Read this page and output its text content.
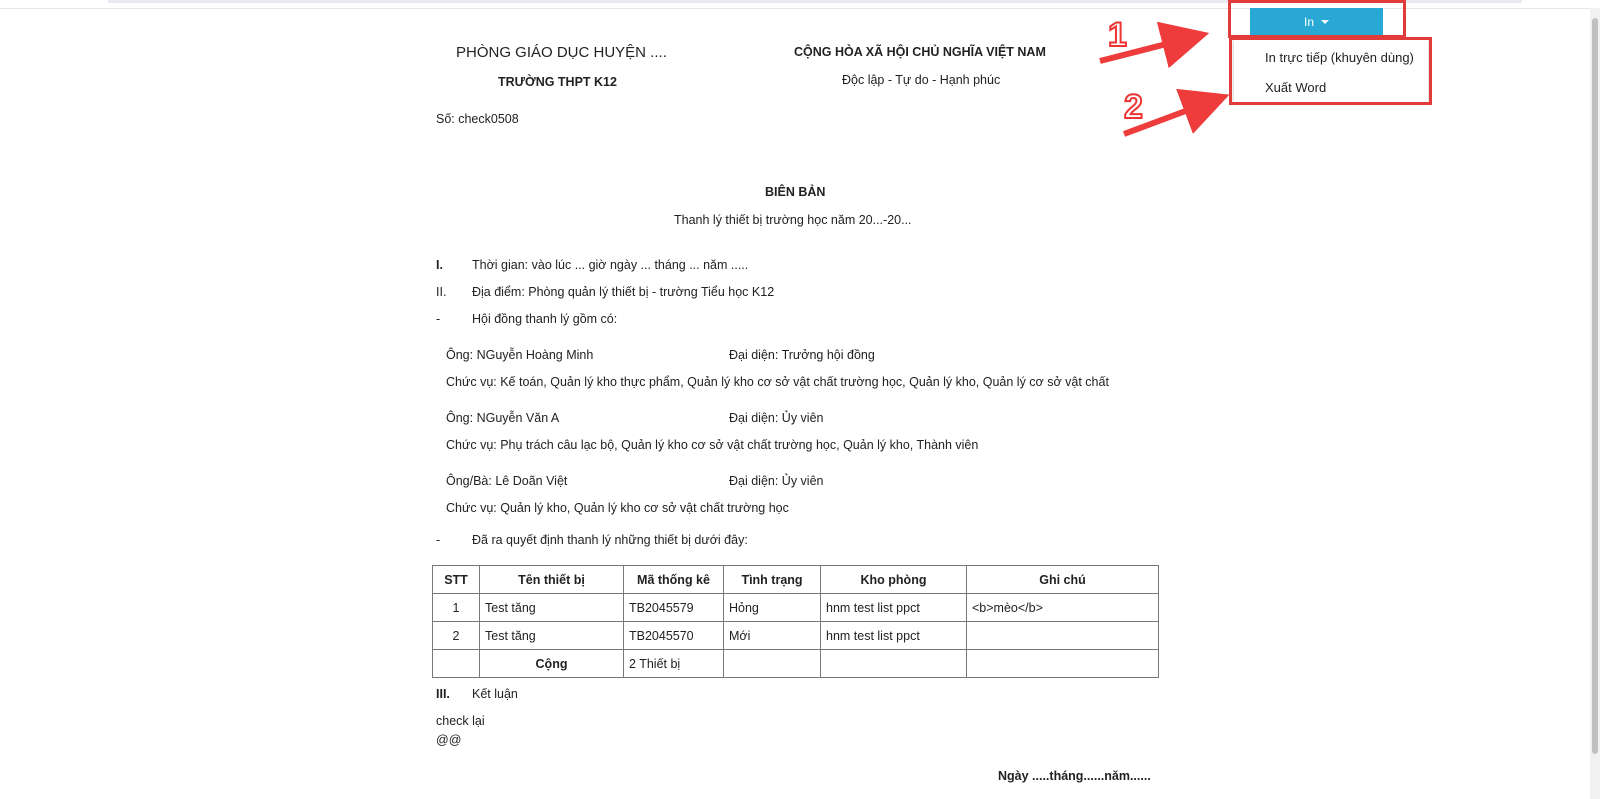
PHÒNG GIÁO DỤC HUYỆN ....
TRƯỜNG THPT K12
CỘNG HÒA XÃ HỘI CHỦ NGHĨA VIỆT NAM
Độc lập - Tự do - Hạnh phúc
Số: check0508
BIÊN BẢN
Thanh lý thiết bị trường học năm 20...-20...
I. Thời gian: vào lúc ... giờ ngày ... tháng ... năm .....
II. Địa điểm: Phòng quản lý thiết bị - trường Tiểu học K12
-	Hội đồng thanh lý gồm có:
Ông: NGuyễn Hoàng Minh	Đại diện: Trưởng hội đồng
Chức vụ: Kế toán, Quản lý kho thực phẩm, Quản lý kho cơ sở vật chất trường học, Quản lý kho, Quản lý cơ sở vật chất
Ông: NGuyễn Văn A	Đại diện: Ủy viên
Chức vụ: Phụ trách câu lạc bộ, Quản lý kho cơ sở vật chất trường học, Quản lý kho, Thành viên
Ông/Bà: Lê Doãn Việt	Đại diện: Ủy viên
Chức vụ: Quản lý kho, Quản lý kho cơ sở vật chất trường học
-	Đã ra quyết định thanh lý những thiết bị dưới đây:
STT	Tên thiết bị	Mã thống kê	Tình trạng	Kho phòng	Ghi chú
1	Test tăng	TB2045579	Hỏng	hnm test list ppct	<b>mèo</b>
2	Test tăng	TB2045570	Mới	hnm test list ppct	
	Cộng	2 Thiết bị			
III. Kết luận
check lại
@@
Ngày .....tháng......năm......
In
In trực tiếp (khuyên dùng)
Xuất Word
1
2
